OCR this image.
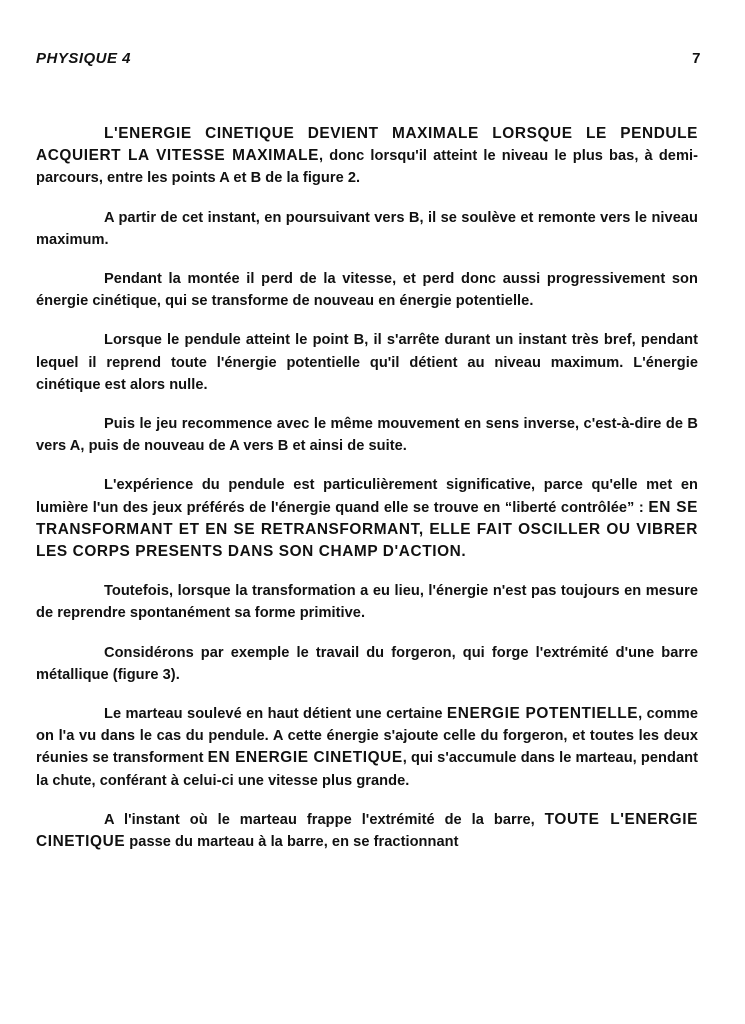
PHYSIQUE 4	7

L'ENERGIE CINETIQUE DEVIENT MAXIMALE LORSQUE LE PENDULE ACQUIERT LA VITESSE MAXIMALE, donc lorsqu'il atteint le niveau le plus bas, à demi-parcours, entre les points A et B de la figure 2.

A partir de cet instant, en poursuivant vers B, il se soulève et remonte vers le niveau maximum.

Pendant la montée il perd de la vitesse, et perd donc aussi progressivement son énergie cinétique, qui se transforme de nouveau en énergie potentielle.

Lorsque le pendule atteint le point B, il s'arrête durant un instant très bref, pendant lequel il reprend toute l'énergie potentielle qu'il détient au niveau maximum. L'énergie cinétique est alors nulle.

Puis le jeu recommence avec le même mouvement en sens inverse, c'est-à-dire de B vers A, puis de nouveau de A vers B et ainsi de suite.

L'expérience du pendule est particulièrement significative, parce qu'elle met en lumière l'un des jeux préférés de l'énergie quand elle se trouve en “liberté contrôlée” : EN SE TRANSFORMANT ET EN SE RETRANSFORMANT, ELLE FAIT OSCILLER OU VIBRER LES CORPS PRESENTS DANS SON CHAMP D'ACTION.

Toutefois, lorsque la transformation a eu lieu, l'énergie n'est pas toujours en mesure de reprendre spontanément sa forme primitive.

Considérons par exemple le travail du forgeron, qui forge l'extrémité d'une barre métallique (figure 3).

Le marteau soulevé en haut détient une certaine ENERGIE POTENTIELLE, comme on l'a vu dans le cas du pendule. A cette énergie s'ajoute celle du forgeron, et toutes les deux réunies se transforment EN ENERGIE CINETIQUE, qui s'accumule dans le marteau, pendant la chute, conférant à celui-ci une vitesse plus grande.

A l'instant où le marteau frappe l'extrémité de la barre, TOUTE L'ENERGIE CINETIQUE passe du marteau à la barre, en se fractionnant
